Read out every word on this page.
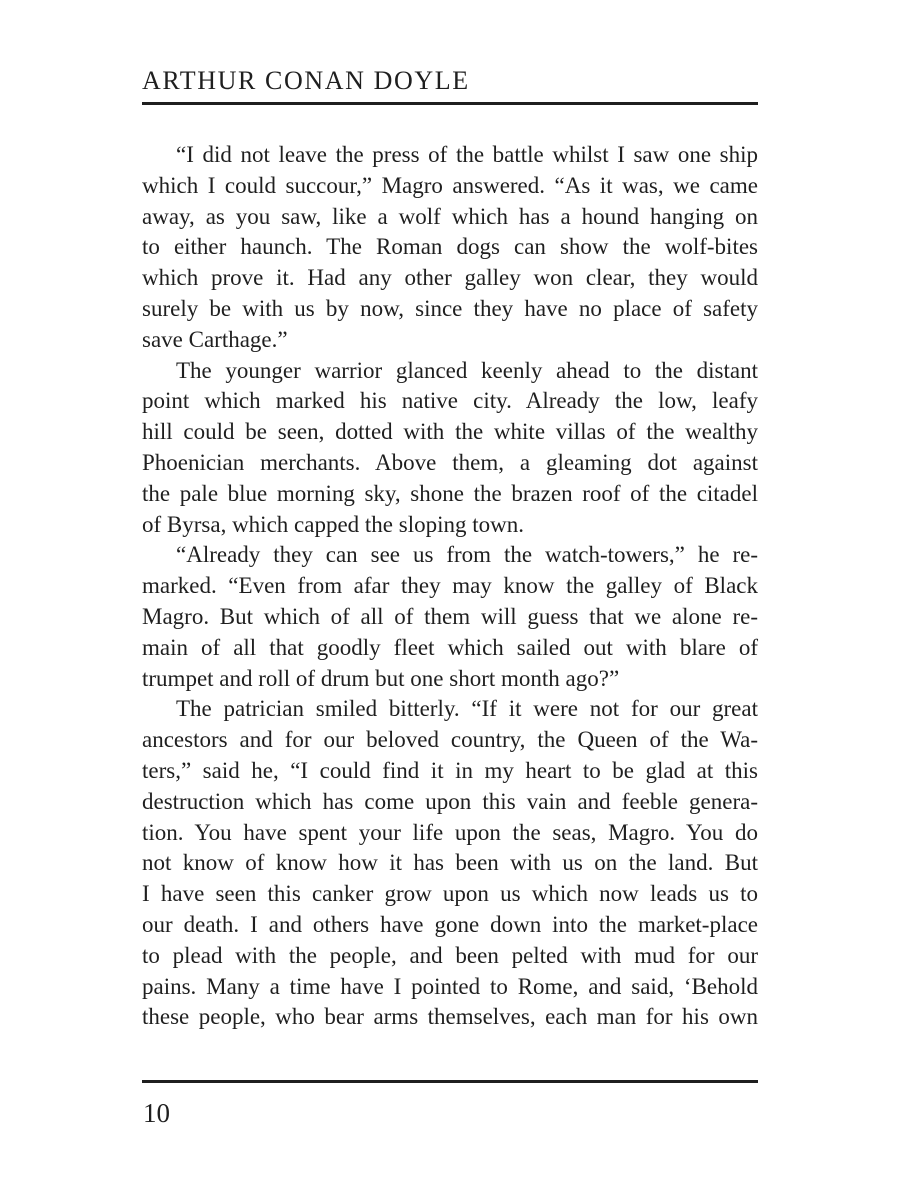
ARTHUR CONAN DOYLE
“I did not leave the press of the battle whilst I saw one ship
which I could succour,” Magro answered. “As it was, we came
away, as you saw, like a wolf which has a hound hanging on
to either haunch. The Roman dogs can show the wolf-bites
which prove it. Had any other galley won clear, they would
surely be with us by now, since they have no place of safety
save Carthage.”
The younger warrior glanced keenly ahead to the distant
point which marked his native city. Already the low, leafy
hill could be seen, dotted with the white villas of the wealthy
Phoenician merchants. Above them, a gleaming dot against
the pale blue morning sky, shone the brazen roof of the citadel
of Byrsa, which capped the sloping town.
“Already they can see us from the watch-towers,” he re-
marked. “Even from afar they may know the galley of Black
Magro. But which of all of them will guess that we alone re-
main of all that goodly fleet which sailed out with blare of
trumpet and roll of drum but one short month ago?”
The patrician smiled bitterly. “If it were not for our great
ancestors and for our beloved country, the Queen of the Wa-
ters,” said he, “I could find it in my heart to be glad at this
destruction which has come upon this vain and feeble genera-
tion. You have spent your life upon the seas, Magro. You do
not know of know how it has been with us on the land. But
I have seen this canker grow upon us which now leads us to
our death. I and others have gone down into the market-place
to plead with the people, and been pelted with mud for our
pains. Many a time have I pointed to Rome, and said, ‘Behold
these people, who bear arms themselves, each man for his own
10
